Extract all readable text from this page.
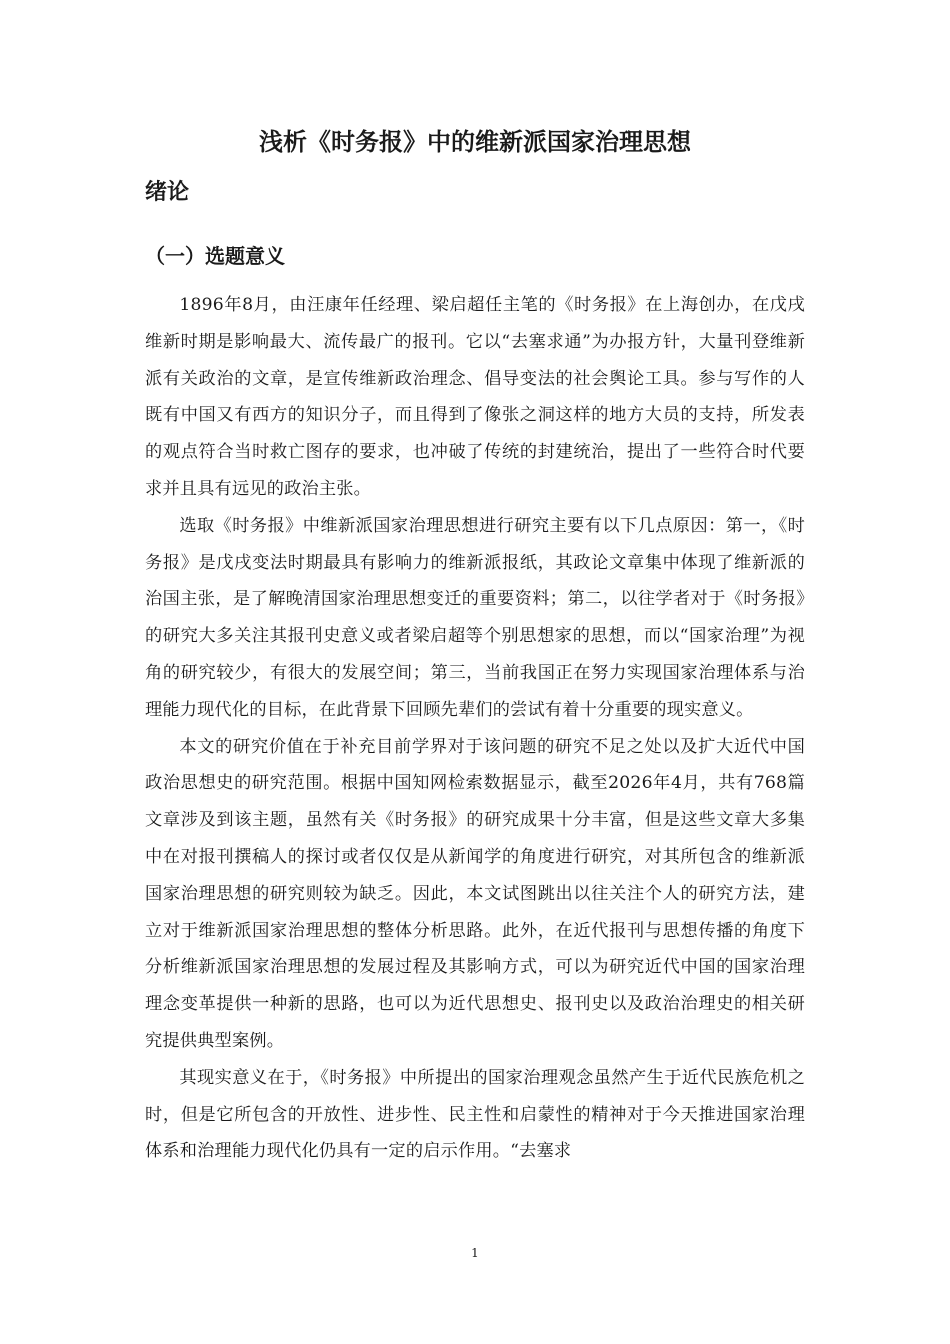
浅析《时务报》中的维新派国家治理思想
绪论
（一）选题意义

1896年8月，由汪康年任经理、梁启超任主笔的《时务报》在上海创办，在戊戌维新时期是影响最大、流传最广的报刊。它以“去塞求通”为办报方针，大量刊登维新派有关政治的文章，是宣传维新政治理念、倡导变法的社会舆论工具。参与写作的人既有中国又有西方的知识分子，而且得到了像张之洞这样的地方大员的支持，所发表的观点符合当时救亡图存的要求，也冲破了传统的封建统治，提出了一些符合时代要求并且具有远见的政治主张。

选取《时务报》中维新派国家治理思想进行研究主要有以下几点原因：第一，《时务报》是戊戌变法时期最具有影响力的维新派报纸，其政论文章集中体现了维新派的治国主张，是了解晚清国家治理思想变迁的重要资料；第二，以往学者对于《时务报》的研究大多关注其报刊史意义或者梁启超等个别思想家的思想，而以“国家治理”为视角的研究较少，有很大的发展空间；第三，当前我国正在努力实现国家治理体系与治理能力现代化的目标，在此背景下回顾先辈们的尝试有着十分重要的现实意义。

本文的研究价值在于补充目前学界对于该问题的研究不足之处以及扩大近代中国政治思想史的研究范围。根据中国知网检索数据显示，截至2026年4月，共有768篇文章涉及到该主题，虽然有关《时务报》的研究成果十分丰富，但是这些文章大多集中在对报刊撰稿人的探讨或者仅仅是从新闻学的角度进行研究，对其所包含的维新派国家治理思想的研究则较为缺乏。因此，本文试图跳出以往关注个人的研究方法，建立对于维新派国家治理思想的整体分析思路。此外，在近代报刊与思想传播的角度下分析维新派国家治理思想的发展过程及其影响方式，可以为研究近代中国的国家治理理念变革提供一种新的思路，也可以为近代思想史、报刊史以及政治治理史的相关研究提供典型案例。

其现实意义在于，《时务报》中所提出的国家治理观念虽然产生于近代民族危机之时，但是它所包含的开放性、进步性、民主性和启蒙性的精神对于今天推进国家治理体系和治理能力现代化仍具有一定的启示作用。“去塞求

1
